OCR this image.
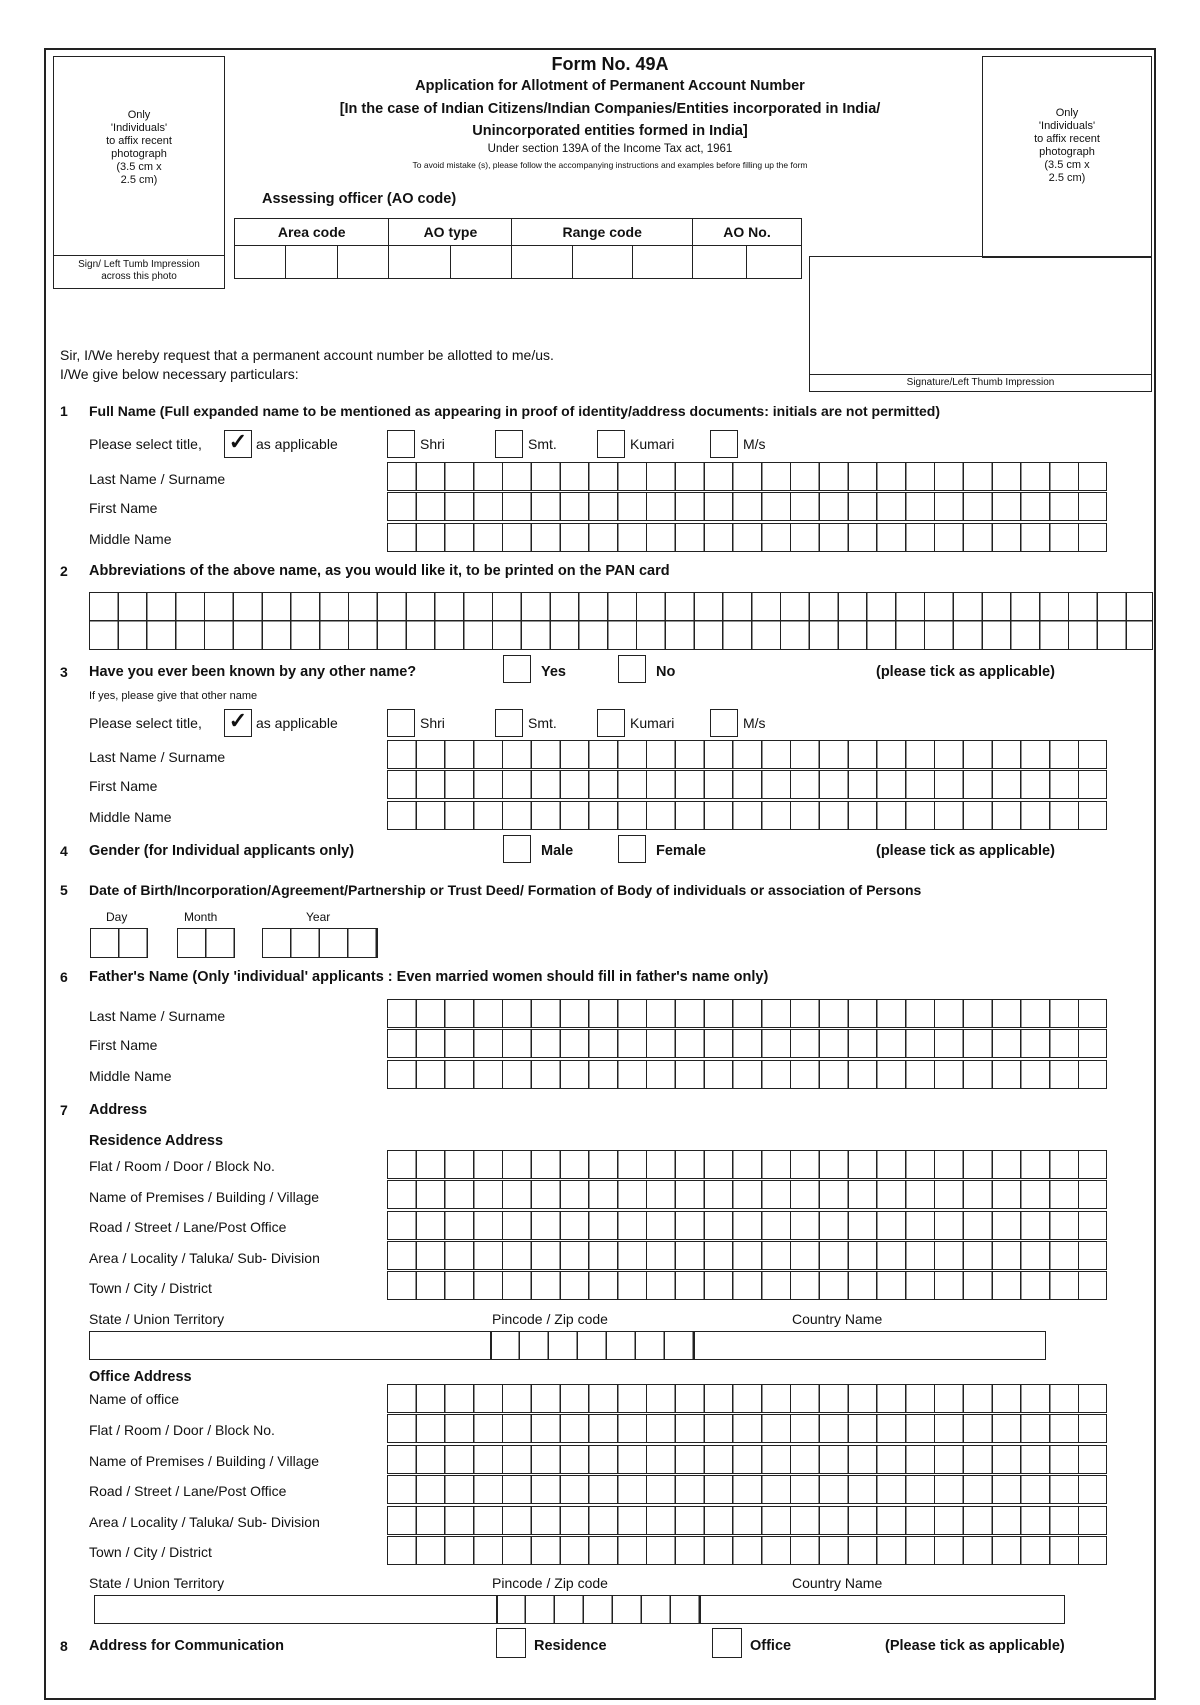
Only
'Individuals'
to affix recent
photograph
(3.5 cm x
2.5 cm)
Sign/ Left Tumb Impression
across this photo
Only
'Individuals'
to affix recent
photograph
(3.5 cm x
2.5 cm)
Signature/Left Thumb Impression
Form No. 49A
Application for Allotment of Permanent Account Number
[In the case of Indian Citizens/Indian Companies/Entities incorporated in India/
Unincorporated entities formed in India]
Under section 139A of the Income Tax act, 1961
To avoid mistake (s), please follow the accompanying instructions and examples before filling up the form
Assessing officer (AO code)
Area code			AO type		Range code			AO No.	

Sir, I/We hereby request that a permanent account number be allotted to me/us.
I/We give below necessary particulars:
1 Full Name (Full expanded name to be mentioned as appearing in proof of identity/address documents: initials are not permitted)
Please select title, ✓ as applicable	Shri	Smt.	Kumari	M/s
Last Name / Surname
First Name
Middle Name
2 Abbreviations of the above name, as you would like it, to be printed on the PAN card
3 Have you ever been known by any other name?	Yes	No	(please tick as applicable)
If yes, please give that other name
Please select title, ✓ as applicable	Shri	Smt.	Kumari	M/s
Last Name / Surname
First Name
Middle Name
4 Gender (for Individual applicants only)	Male	Female	(please tick as applicable)
5 Date of Birth/Incorporation/Agreement/Partnership or Trust Deed/ Formation of Body of individuals or association of Persons
Day	Month	Year
6 Father's Name (Only 'individual' applicants : Even married women should fill in father's name only)
Last Name / Surname
First Name
Middle Name
7 Address
Residence Address
Flat / Room / Door / Block No.
Name of Premises / Building / Village
Road / Street / Lane/Post Office
Area / Locality / Taluka/ Sub- Division
Town / City / District
State / Union Territory	Pincode / Zip code	Country Name
Office Address
Name of office
Flat / Room / Door / Block No.
Name of Premises / Building / Village
Road / Street / Lane/Post Office
Area / Locality / Taluka/ Sub- Division
Town / City / District
State / Union Territory	Pincode / Zip code	Country Name
8 Address for Communication	Residence	Office	(Please tick as applicable)
